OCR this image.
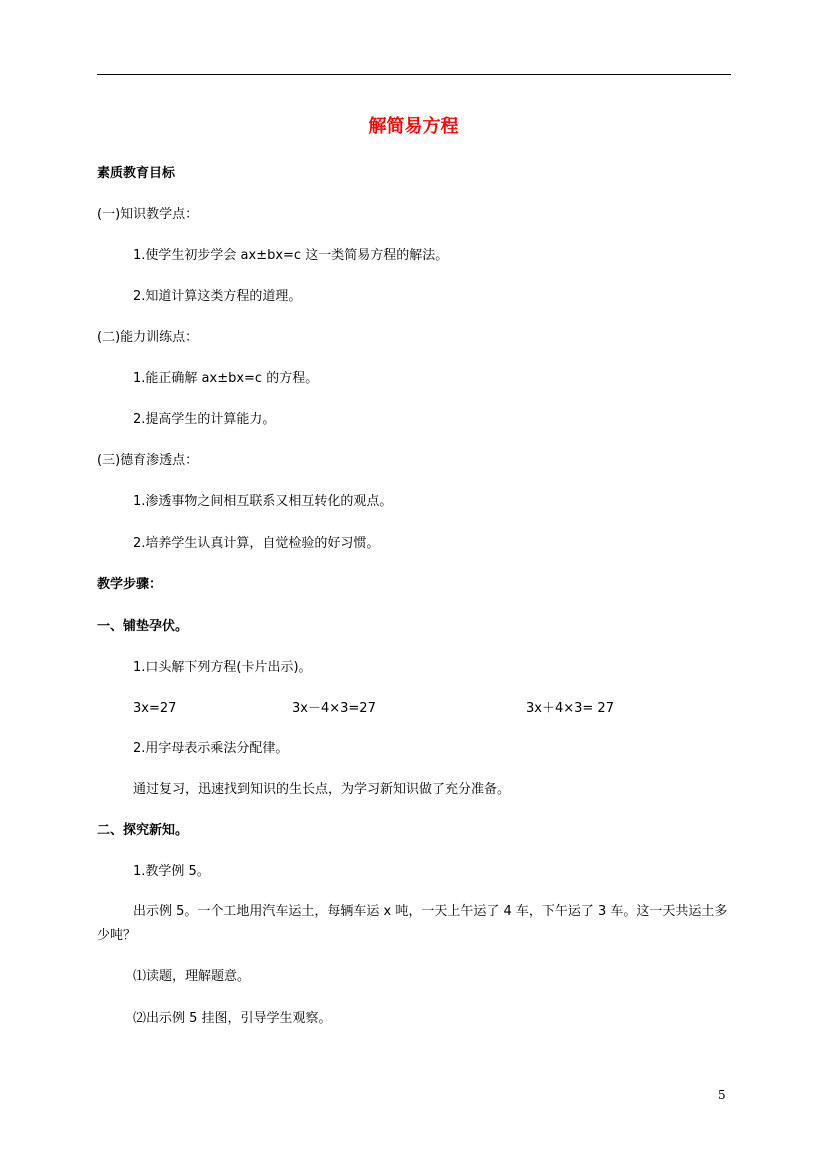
解简易方程
素质教育目标
(一)知识教学点：
1.使学生初步学会 ax±bx=c 这一类简易方程的解法。
2.知道计算这类方程的道理。
(二)能力训练点：
1.能正确解 ax±bx=c 的方程。
2.提高学生的计算能力。
(三)德育渗透点：
1.渗透事物之间相互联系又相互转化的观点。
2.培养学生认真计算，自觉检验的好习惯。
教学步骤：
一、铺垫孕伏。
1.口头解下列方程(卡片出示)。
3x=27	3x－4×3=27	3x＋4×3= 27
2.用字母表示乘法分配律。
通过复习，迅速找到知识的生长点，为学习新知识做了充分准备。
二、探究新知。
1.教学例 5。
出示例 5。一个工地用汽车运土，每辆车运 x 吨，一天上午运了 4 车，下午运了 3 车。这一天共运土多少吨？
⑴读题，理解题意。
⑵出示例 5 挂图，引导学生观察。
5
